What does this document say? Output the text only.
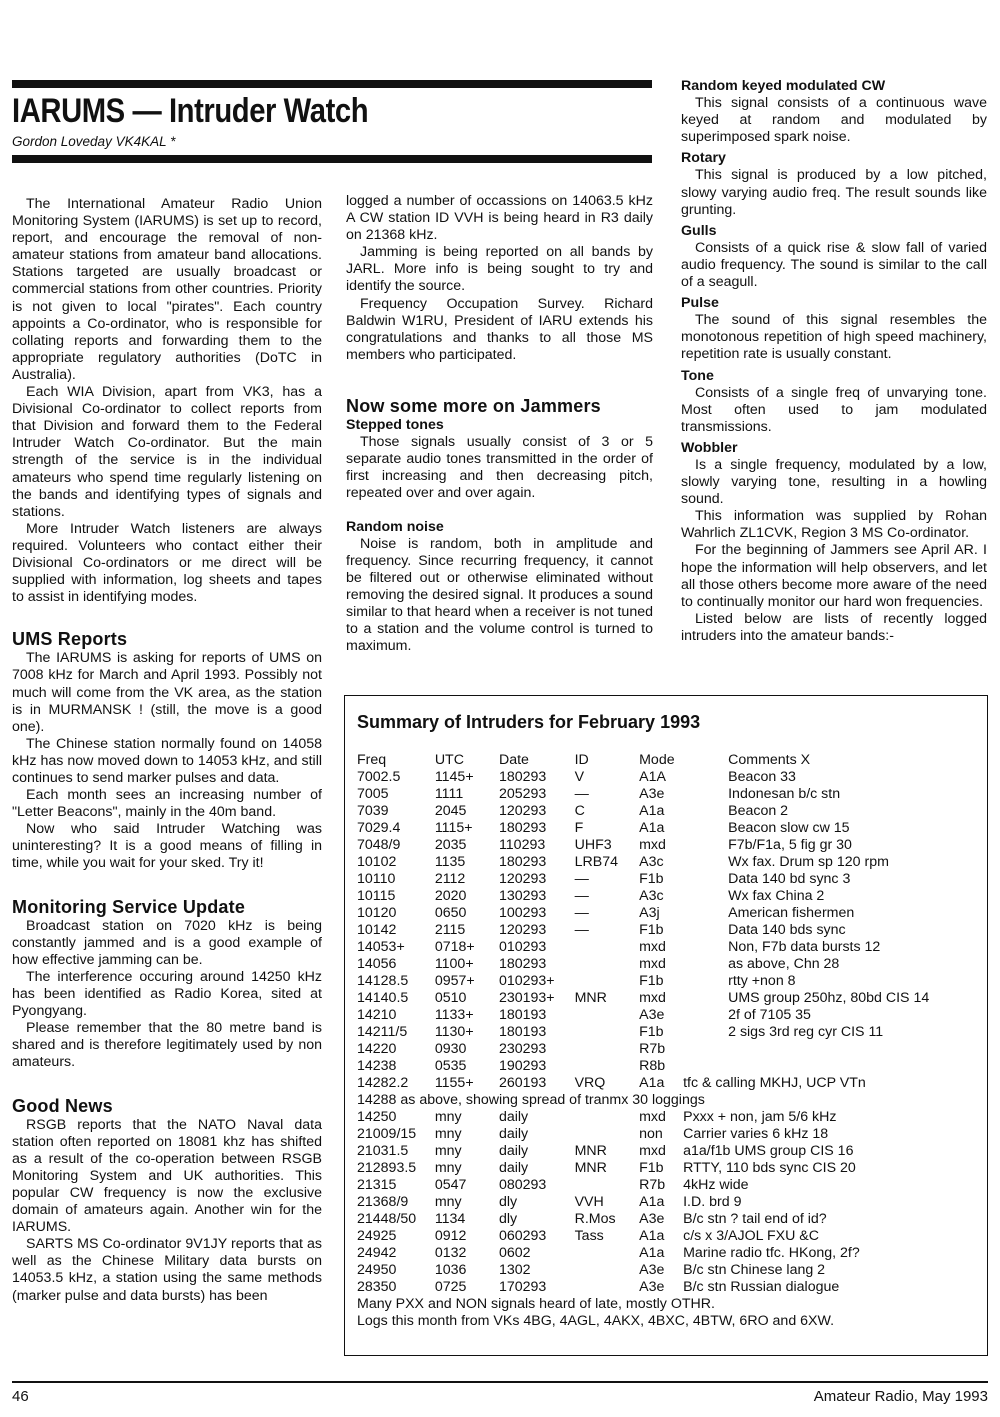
IARUMS — Intruder Watch
Gordon Loveday VK4KAL *

The International Amateur Radio Union Monitoring System (IARUMS) is set up to record, report, and encourage the removal of non-amateur stations from amateur band allocations. Stations targeted are usually broadcast or commercial stations from other countries. Priority is not given to local "pirates". Each country appoints a Co-ordinator, who is responsible for collating reports and forwarding them to the appropriate regulatory authorities (DoTC in Australia).

Each WIA Division, apart from VK3, has a Divisional Co-ordinator to collect reports from that Division and forward them to the Federal Intruder Watch Co-ordinator. But the main strength of the service is in the individual amateurs who spend time regularly listening on the bands and identifying types of signals and stations.

More Intruder Watch listeners are always required. Volunteers who contact either their Divisional Co-ordinators or me direct will be supplied with information, log sheets and tapes to assist in identifying modes.

UMS Reports

The IARUMS is asking for reports of UMS on 7008 kHz for March and April 1993. Possibly not much will come from the VK area, as the station is in MURMANSK ! (still, the move is a good one).

The Chinese station normally found on 14058 kHz has now moved down to 14053 kHz, and still continues to send marker pulses and data.

Each month sees an increasing number of "Letter Beacons", mainly in the 40m band.

Now who said Intruder Watching was uninteresting? It is a good means of filling in time, while you wait for your sked. Try it!

Monitoring Service Update

Broadcast station on 7020 kHz is being constantly jammed and is a good example of how effective jamming can be.

The interference occuring around 14250 kHz has been identified as Radio Korea, sited at Pyongyang.

Please remember that the 80 metre band is shared and is therefore legitimately used by non amateurs.

Good News

RSGB reports that the NATO Naval data station often reported on 18081 khz has shifted as a result of the co-operation between RSGB Monitoring System and UK authorities. This popular CW frequency is now the exclusive domain of amateurs again. Another win for the IARUMS.

SARTS MS Co-ordinator 9V1JY reports that as well as the Chinese Military data bursts on 14053.5 kHz, a station using the same methods (marker pulse and data bursts) has been

logged a number of occassions on 14063.5 kHz A CW station ID VVH is being heard in R3 daily on 21368 kHz.

Jamming is being reported on all bands by JARL. More info is being sought to try and identify the source.

Frequency Occupation Survey. Richard Baldwin W1RU, President of IARU extends his congratulations and thanks to all those MS members who participated.

Now some more on Jammers
Stepped tones

Those signals usually consist of 3 or 5 separate audio tones transmitted in the order of first increasing and then decreasing pitch, repeated over and over again.

Random noise

Noise is random, both in amplitude and frequency. Since recurring frequency, it cannot be filtered out or otherwise eliminated without removing the desired signal. It produces a sound similar to that heard when a receiver is not tuned to a station and the volume control is turned to maximum.

Random keyed modulated CW

This signal consists of a continuous wave keyed at random and modulated by superimposed spark noise.

Rotary

This signal is produced by a low pitched, slowy varying audio freq. The result sounds like grunting.

Gulls

Consists of a quick rise & slow fall of varied audio frequency. The sound is similar to the call of a seagull.

Pulse

The sound of this signal resembles the monotonous repetition of high speed machinery, repetition rate is usually constant.

Tone

Consists of a single freq of unvarying tone. Most often used to jam modulated transmissions.

Wobbler

Is a single frequency, modulated by a low, slowly varying tone, resulting in a howling sound.

This information was supplied by Rohan Wahrlich ZL1CVK, Region 3 MS Co-ordinator.

For the beginning of Jammers see April AR. I hope the information will help observers, and let all those others become more aware of the need to continually monitor our hard won frequencies.

Listed below are lists of recently logged intruders into the amateur bands:-

Summary of Intruders for February 1993
Freq	UTC	Date	ID	Mode	Comments X
7002.5	1145+	180293	V	A1A	Beacon 33
7005	1111	205293	—	A3e	Indonesan b/c stn
7039	2045	120293	C	A1a	Beacon 2
7029.4	1115+	180293	F	A1a	Beacon slow cw 15
7048/9	2035	110293	UHF3	mxd	F7b/F1a, 5 fig gr 30
10102	1135	180293	LRB74	A3c	Wx fax. Drum sp 120 rpm
10110	2112	120293	—	F1b	Data 140 bd sync 3
10115	2020	130293	—	A3c	Wx fax China 2
10120	0650	100293	—	A3j	American fishermen
10142	2115	120293	—	F1b	Data 140 bds sync
14053+	0718+	010293		mxd	Non, F7b data bursts 12
14056	1100+	180293		mxd	as above, Chn 28
14128.5	0957+	010293+		F1b	rtty +non 8
14140.5	0510	230193+	MNR	mxd	UMS group 250hz, 80bd CIS 14
14210	1133+	180193		A3e	2f of 7105 35
14211/5	1130+	180193		F1b	2 sigs 3rd reg cyr CIS 11
14220	0930	230293		R7b	
14238	0535	190293		R8b	
14282.2	1155+	260193	VRQ	A1a	tfc & calling MKHJ, UCP VTn
14288 as above, showing spread of tranmx 30 loggings					
14250	mny	daily		mxd	Pxxx + non, jam 5/6 kHz
21009/15	mny	daily		non	Carrier varies 6 kHz 18
21031.5	mny	daily	MNR	mxd	a1a/f1b UMS group CIS 16
212893.5	mny	daily	MNR	F1b	RTTY, 110 bds sync CIS 20
21315	0547	080293		R7b	4kHz wide
21368/9	mny	dly	VVH	A1a	I.D. brd 9
21448/50	1134	dly	R.Mos	A3e	B/c stn ? tail end of id?
24925	0912	060293	Tass	A1a	c/s x 3/AJOL FXU &C
24942	0132	0602		A1a	Marine radio tfc. HKong, 2f?
24950	1036	1302		A3e	B/c stn Chinese lang 2
28350	0725	170293		A3e	B/c stn Russian dialogue
Many PXX and NON signals heard of late, mostly OTHR.
Logs this month from VKs 4BG, 4AGL, 4AKX, 4BXC, 4BTW, 6RO and 6XW.
46	Amateur Radio, May 1993
